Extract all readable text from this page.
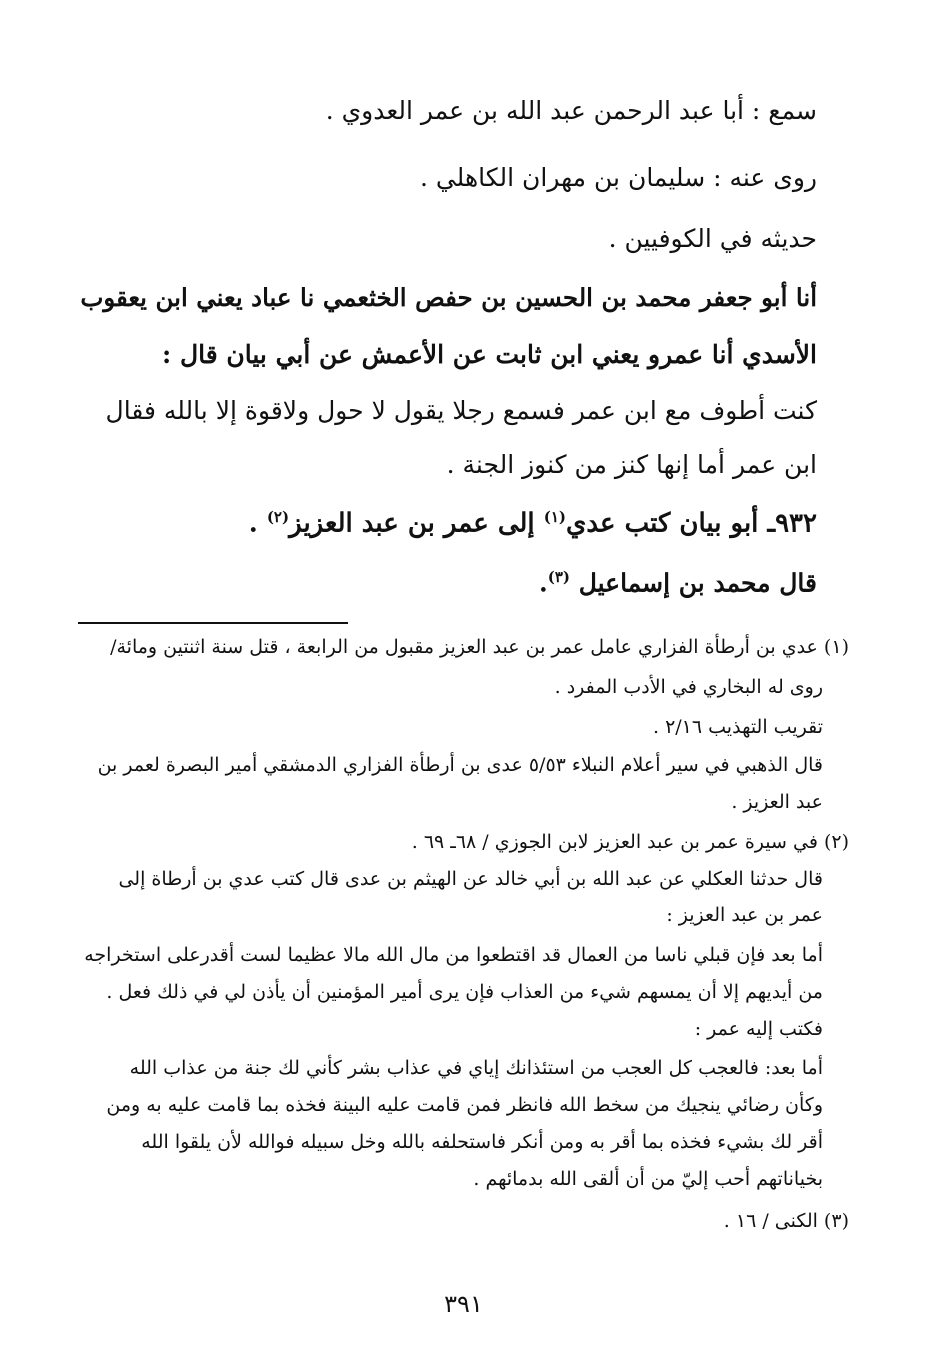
سمع : أبا عبد الرحمن عبد الله بن عمر العدوي .
روى عنه : سليمان بن مهران الكاهلي .
حديثه في الكوفيين .
أنا أبو جعفر محمد بن الحسين بن حفص الخثعمي نا عباد يعني ابن يعقوب
الأسدي أنا عمرو يعني ابن ثابت عن الأعمش عن أبي بيان قال :
كنت أطوف مع ابن عمر فسمع رجلا يقول لا حول ولاقوة إلا بالله فقال
ابن عمر أما إنها كنز من كنوز الجنة .
٩٣٢ـ أبو بيان كتب عدي$^{(١)}$ إلى عمر بن عبد العزيز$^{(٢)}$ .
قال محمد بن إسماعيل $^{(٣)}$.
(١) عدي بن أرطأة الفزاري عامل عمر بن عبد العزيز مقبول من الرابعة ، قتل سنة اثنتين ومائة/
روى له البخاري في الأدب المفرد .
تقريب التهذيب ٢/١٦ .
قال الذهبي في سير أعلام النبلاء ٥/٥٣ عدى بن أرطأة الفزاري الدمشقي أمير البصرة لعمر بن
عبد العزيز .
(٢) في سيرة عمر بن عبد العزيز لابن الجوزي / ٦٨ـ ٦٩ .
قال حدثنا العكلي عن عبد الله بن أبي خالد عن الهيثم بن عدى قال كتب عدي بن أرطاة إلى
عمر بن عبد العزيز :
أما بعد فإن قبلي ناسا من العمال قد اقتطعوا من مال الله مالا عظيما لست أقدرعلى استخراجه
من أيديهم إلا أن يمسهم شيء من العذاب فإن يرى أمير المؤمنين أن يأذن لي في ذلك فعل .
فكتب إليه عمر :
أما بعد: فالعجب كل العجب من استئذانك إياي في عذاب بشر كأني لك جنة من عذاب الله
وكأن رضائي ينجيك من سخط الله فانظر فمن قامت عليه البينة فخذه بما قامت عليه به ومن
أقر لك بشيء فخذه بما أقر به ومن أنكر فاستحلفه بالله وخل سبيله فوالله لأن يلقوا الله
بخياناتهم أحب إليّ من أن ألقى الله بدمائهم .
(٣) الكنى / ١٦ .
٣٩١
